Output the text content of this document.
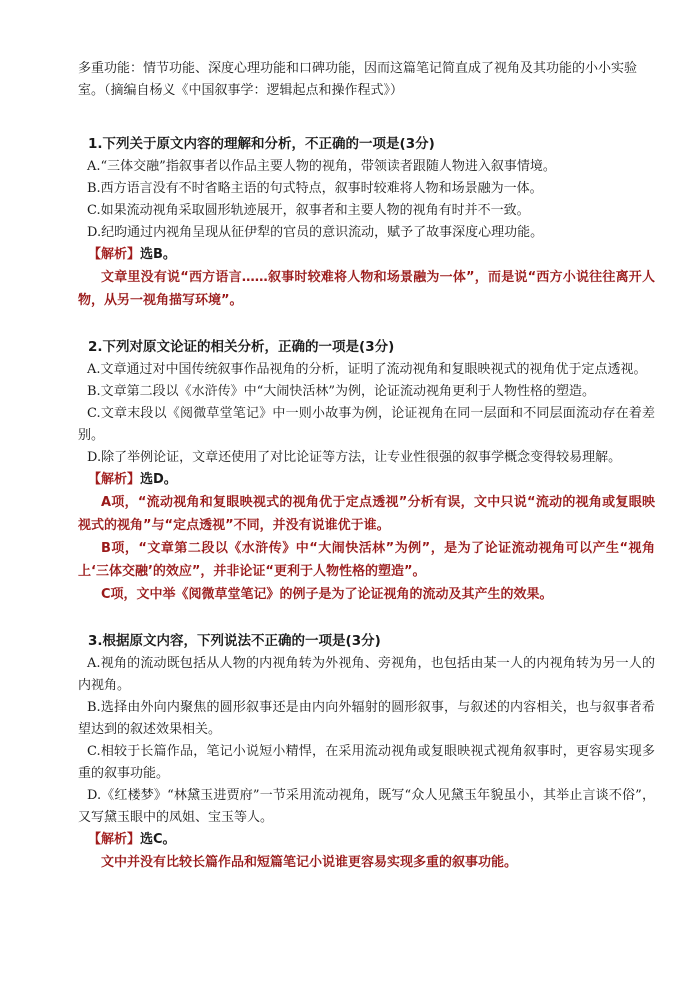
多重功能：情节功能、深度心理功能和口碑功能，因而这篇笔记简直成了视角及其功能的小小实验室。（摘编自杨义《中国叙事学：逻辑起点和操作程式》）

1.下列关于原文内容的理解和分析，不正确的一项是(3分)

A.“三体交融”指叙事者以作品主要人物的视角，带领读者跟随人物进入叙事情境。

B.西方语言没有不时省略主语的句式特点，叙事时较难将人物和场景融为一体。

C.如果流动视角采取圆形轨迹展开，叙事者和主要人物的视角有时并不一致。

D.纪昀通过内视角呈现从征伊犁的官员的意识流动，赋予了故事深度心理功能。

【解析】选B。

文章里没有说“西方语言……叙事时较难将人物和场景融为一体”，而是说“西方小说往往离开人物，从另一视角描写环境”。

2.下列对原文论证的相关分析，正确的一项是(3分)

A.文章通过对中国传统叙事作品视角的分析，证明了流动视角和复眼映视式的视角优于定点透视。

B.文章第二段以《水浒传》中“大闹快活林”为例，论证流动视角更利于人物性格的塑造。

C.文章末段以《阅微草堂笔记》中一则小故事为例，论证视角在同一层面和不同层面流动存在着差别。

D.除了举例论证，文章还使用了对比论证等方法，让专业性很强的叙事学概念变得较易理解。

【解析】选D。

A项，“流动视角和复眼映视式的视角优于定点透视”分析有误，文中只说“流动的视角或复眼映视式的视角”与“定点透视”不同，并没有说谁优于谁。

B项，“文章第二段以《水浒传》中“大闹快活林”为例”，是为了论证流动视角可以产生“视角上‘三体交融’的效应”，并非论证“更利于人物性格的塑造”。

C项，文中举《阅微草堂笔记》的例子是为了论证视角的流动及其产生的效果。

3.根据原文内容，下列说法不正确的一项是(3分)

A.视角的流动既包括从人物的内视角转为外视角、旁视角，也包括由某一人的内视角转为另一人的内视角。

B.选择由外向内聚焦的圆形叙事还是由内向外辐射的圆形叙事，与叙述的内容相关，也与叙事者希望达到的叙述效果相关。

C.相较于长篇作品，笔记小说短小精悍，在采用流动视角或复眼映视式视角叙事时，更容易实现多重的叙事功能。

D.《红楼梦》“林黛玉进贾府”一节采用流动视角，既写“众人见黛玉年貌虽小，其举止言谈不俗”，又写黛玉眼中的凤姐、宝玉等人。

【解析】选C。

文中并没有比较长篇作品和短篇笔记小说谁更容易实现多重的叙事功能。
